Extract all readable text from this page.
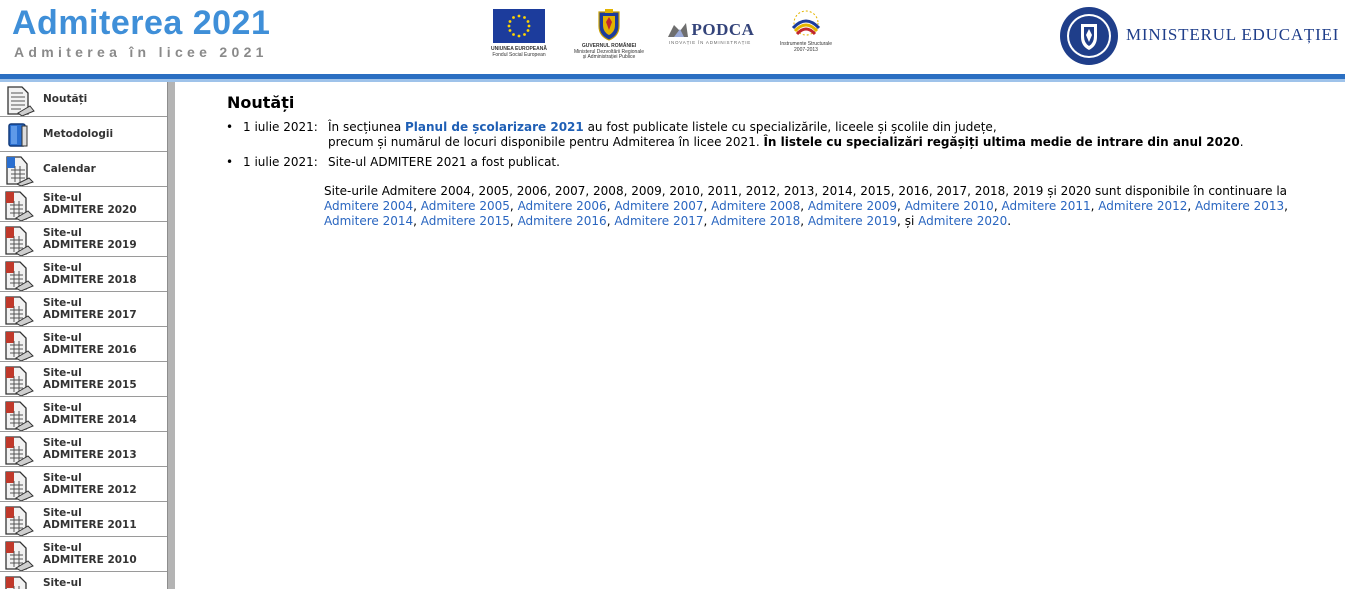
Admiterea 2021
Admiterea în licee 2021	UNIUNEA EUROPEANĂ
Fondul Social European
GUVERNUL ROMÂNIEI
Ministerul Dezvoltării Regionale
și Administrației Publice
PODCA
INOVAȚIE ÎN ADMINISTRAȚIE	Instrumente Structurale
2007-2013
MINISTERUL EDUCAȚIEI
Noutăți
Metodologii
Calendar
Site-ul
ADMITERE 2020
Site-ul
ADMITERE 2019
Site-ul
ADMITERE 2018
Site-ul
ADMITERE 2017
Site-ul
ADMITERE 2016
Site-ul
ADMITERE 2015
Site-ul
ADMITERE 2014
Site-ul
ADMITERE 2013
Site-ul
ADMITERE 2012
Site-ul
ADMITERE 2011
Site-ul
ADMITERE 2010
Site-ul

Noutăți
• 1 iulie 2021: În secțiunea Planul de școlarizare 2021 au fost publicate listele cu specializările, liceele și școlile din județe,
precum și numărul de locuri disponibile pentru Admiterea în licee 2021. În listele cu specializări regășiți ultima medie de intrare din anul 2020.
• 1 iulie 2021: Site-ul ADMITERE 2021 a fost publicat.
Site-urile Admitere 2004, 2005, 2006, 2007, 2008, 2009, 2010, 2011, 2012, 2013, 2014, 2015, 2016, 2017, 2018, 2019 și 2020 sunt disponibile în continuare la
Admitere 2004, Admitere 2005, Admitere 2006, Admitere 2007, Admitere 2008, Admitere 2009, Admitere 2010, Admitere 2011, Admitere 2012, Admitere 2013, Admitere 2014, Admitere 2015, Admitere 2016, Admitere 2017, Admitere 2018, Admitere 2019, și Admitere 2020.
